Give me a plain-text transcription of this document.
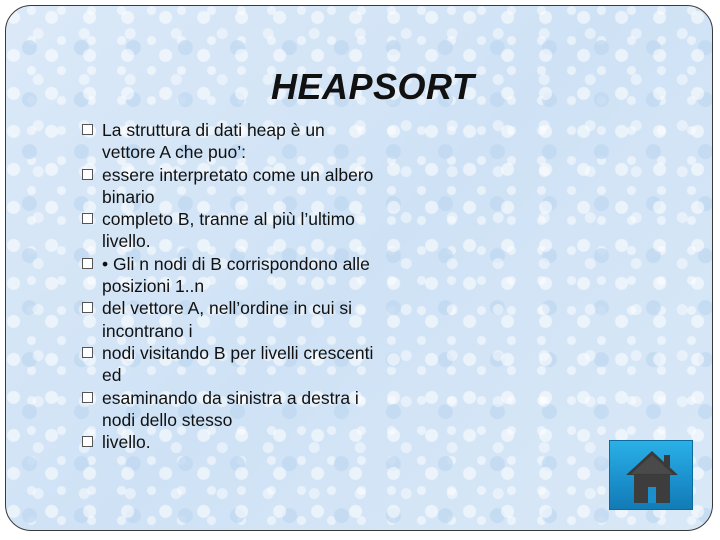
HEAPSORT
La struttura di dati heap è un vettore A che puo’:
essere interpretato come un albero binario
completo B, tranne al più l’ultimo livello.
• Gli n nodi di B corrispondono alle posizioni 1..n
del vettore A, nell’ordine in cui si incontrano i
nodi visitando B per livelli crescenti ed
esaminando da sinistra a destra i nodi dello stesso
livello.
